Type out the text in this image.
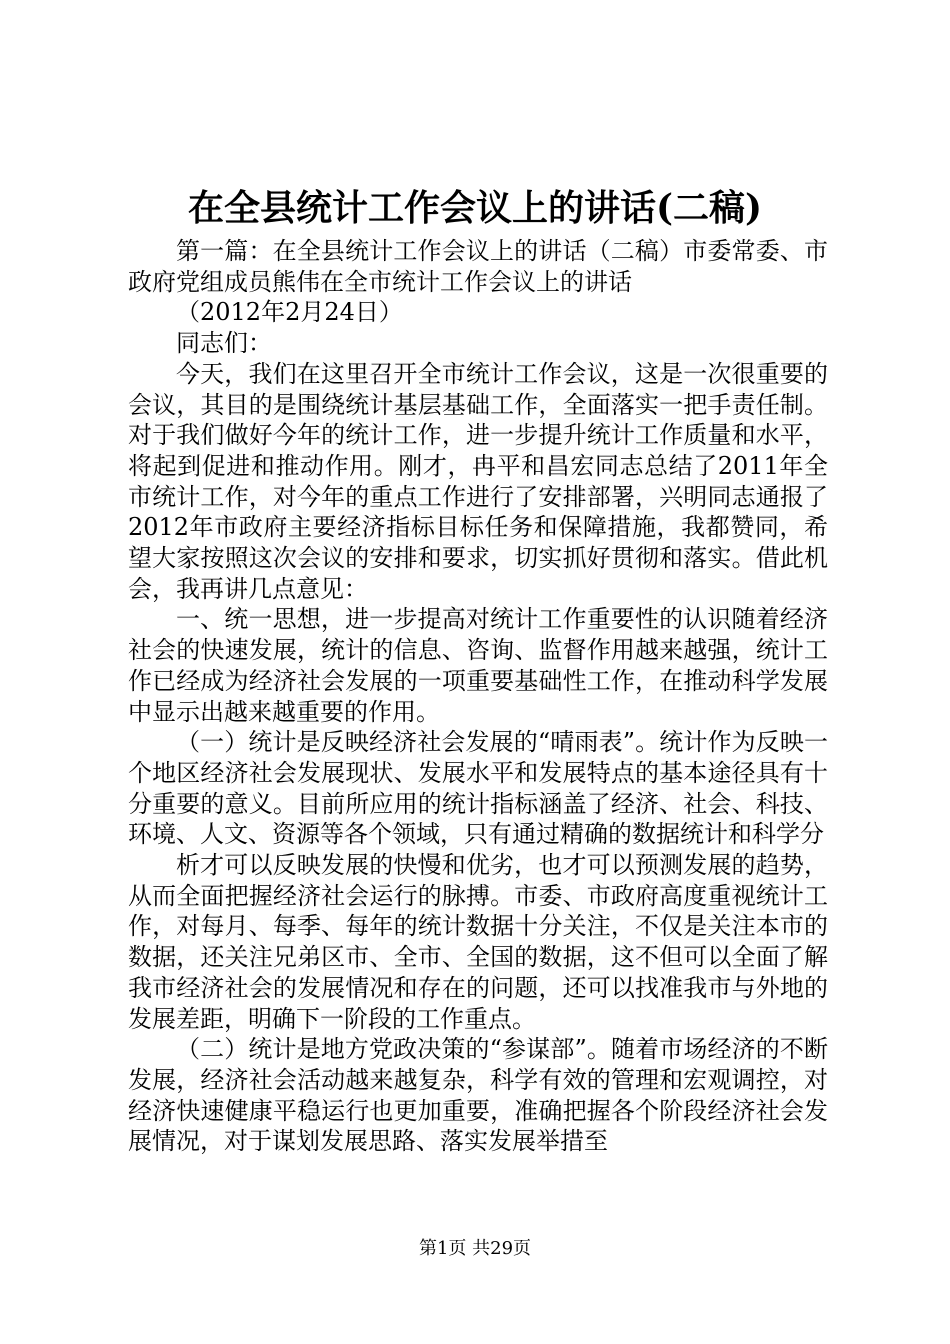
在全县统计工作会议上的讲话(二稿)

第一篇：在全县统计工作会议上的讲话（二稿）市委常委、市政府党组成员熊伟在全市统计工作会议上的讲话

（2012年2月24日）

同志们：

今天，我们在这里召开全市统计工作会议，这是一次很重要的会议，其目的是围绕统计基层基础工作，全面落实一把手责任制。对于我们做好今年的统计工作，进一步提升统计工作质量和水平，将起到促进和推动作用。刚才，冉平和昌宏同志总结了2011年全市统计工作，对今年的重点工作进行了安排部署，兴明同志通报了2012年市政府主要经济指标目标任务和保障措施，我都赞同，希望大家按照这次会议的安排和要求，切实抓好贯彻和落实。借此机会，我再讲几点意见：

一、统一思想，进一步提高对统计工作重要性的认识随着经济社会的快速发展，统计的信息、咨询、监督作用越来越强，统计工作已经成为经济社会发展的一项重要基础性工作，在推动科学发展中显示出越来越重要的作用。

（一）统计是反映经济社会发展的“晴雨表”。统计作为反映一个地区经济社会发展现状、发展水平和发展特点的基本途径具有十分重要的意义。目前所应用的统计指标涵盖了经济、社会、科技、环境、人文、资源等各个领域，只有通过精确的数据统计和科学分

析才可以反映发展的快慢和优劣，也才可以预测发展的趋势，从而全面把握经济社会运行的脉搏。市委、市政府高度重视统计工作，对每月、每季、每年的统计数据十分关注，不仅是关注本市的数据，还关注兄弟区市、全市、全国的数据，这不但可以全面了解我市经济社会的发展情况和存在的问题，还可以找准我市与外地的发展差距，明确下一阶段的工作重点。

（二）统计是地方党政决策的“参谋部”。随着市场经济的不断发展，经济社会活动越来越复杂，科学有效的管理和宏观调控，对经济快速健康平稳运行也更加重要，准确把握各个阶段经济社会发展情况，对于谋划发展思路、落实发展举措至

第1页 共29页
